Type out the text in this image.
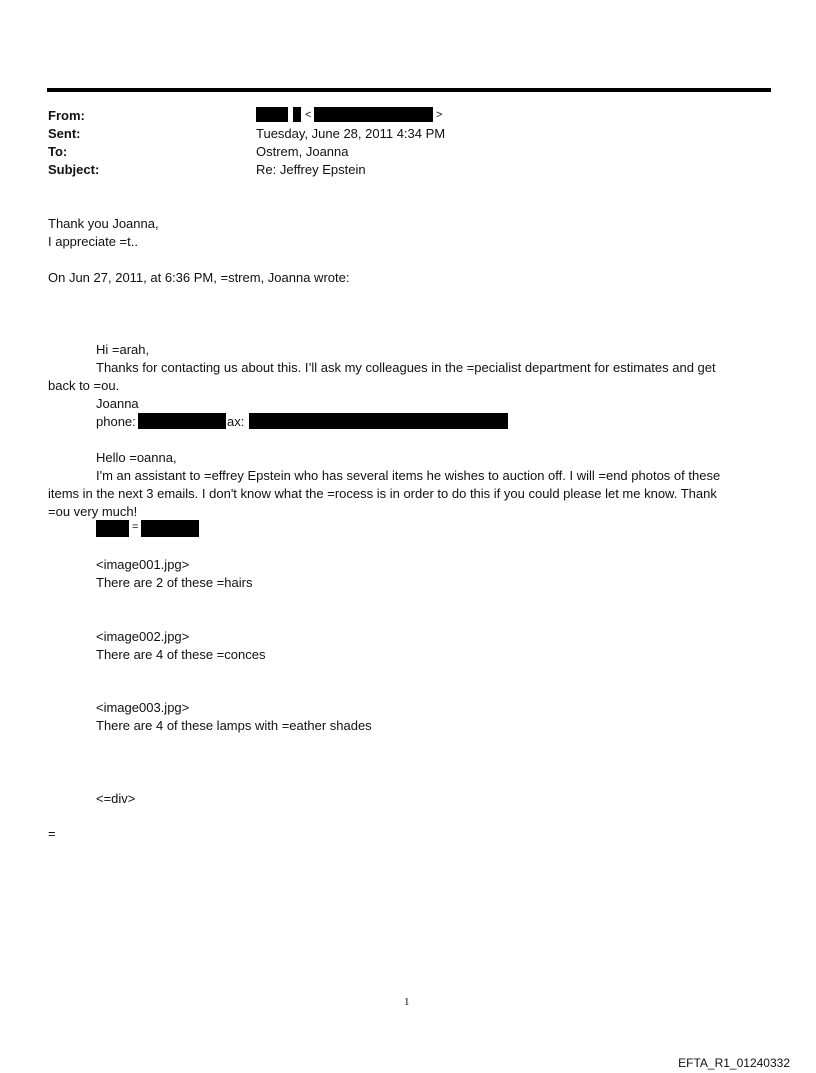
From:	<	>
Sent:	Tuesday, June 28, 2011 4:34 PM
To:	Ostrem, Joanna
Subject:	Re: Jeffrey Epstein
Thank you Joanna,
I appreciate =t..
On Jun 27, 2011, at 6:36 PM, =strem, Joanna wrote:
Hi =arah,
Thanks for contacting us about this. I’ll ask my colleagues in the =pecialist department for estimates and get
back to =ou.
Joanna
phone:	ax:
Hello =oanna,
I'm an assistant to =effrey Epstein who has several items he wishes to auction off. I will =end photos of these
items in the next 3 emails. I don't know what the =rocess is in order to do this if you could please let me know. Thank
=ou very much!
=
<image001.jpg>
There are 2 of these =hairs
<image002.jpg>
There are 4 of these =conces
<image003.jpg>
There are 4 of these lamps with =eather shades
<=div>
=
1
EFTA_R1_01240332
